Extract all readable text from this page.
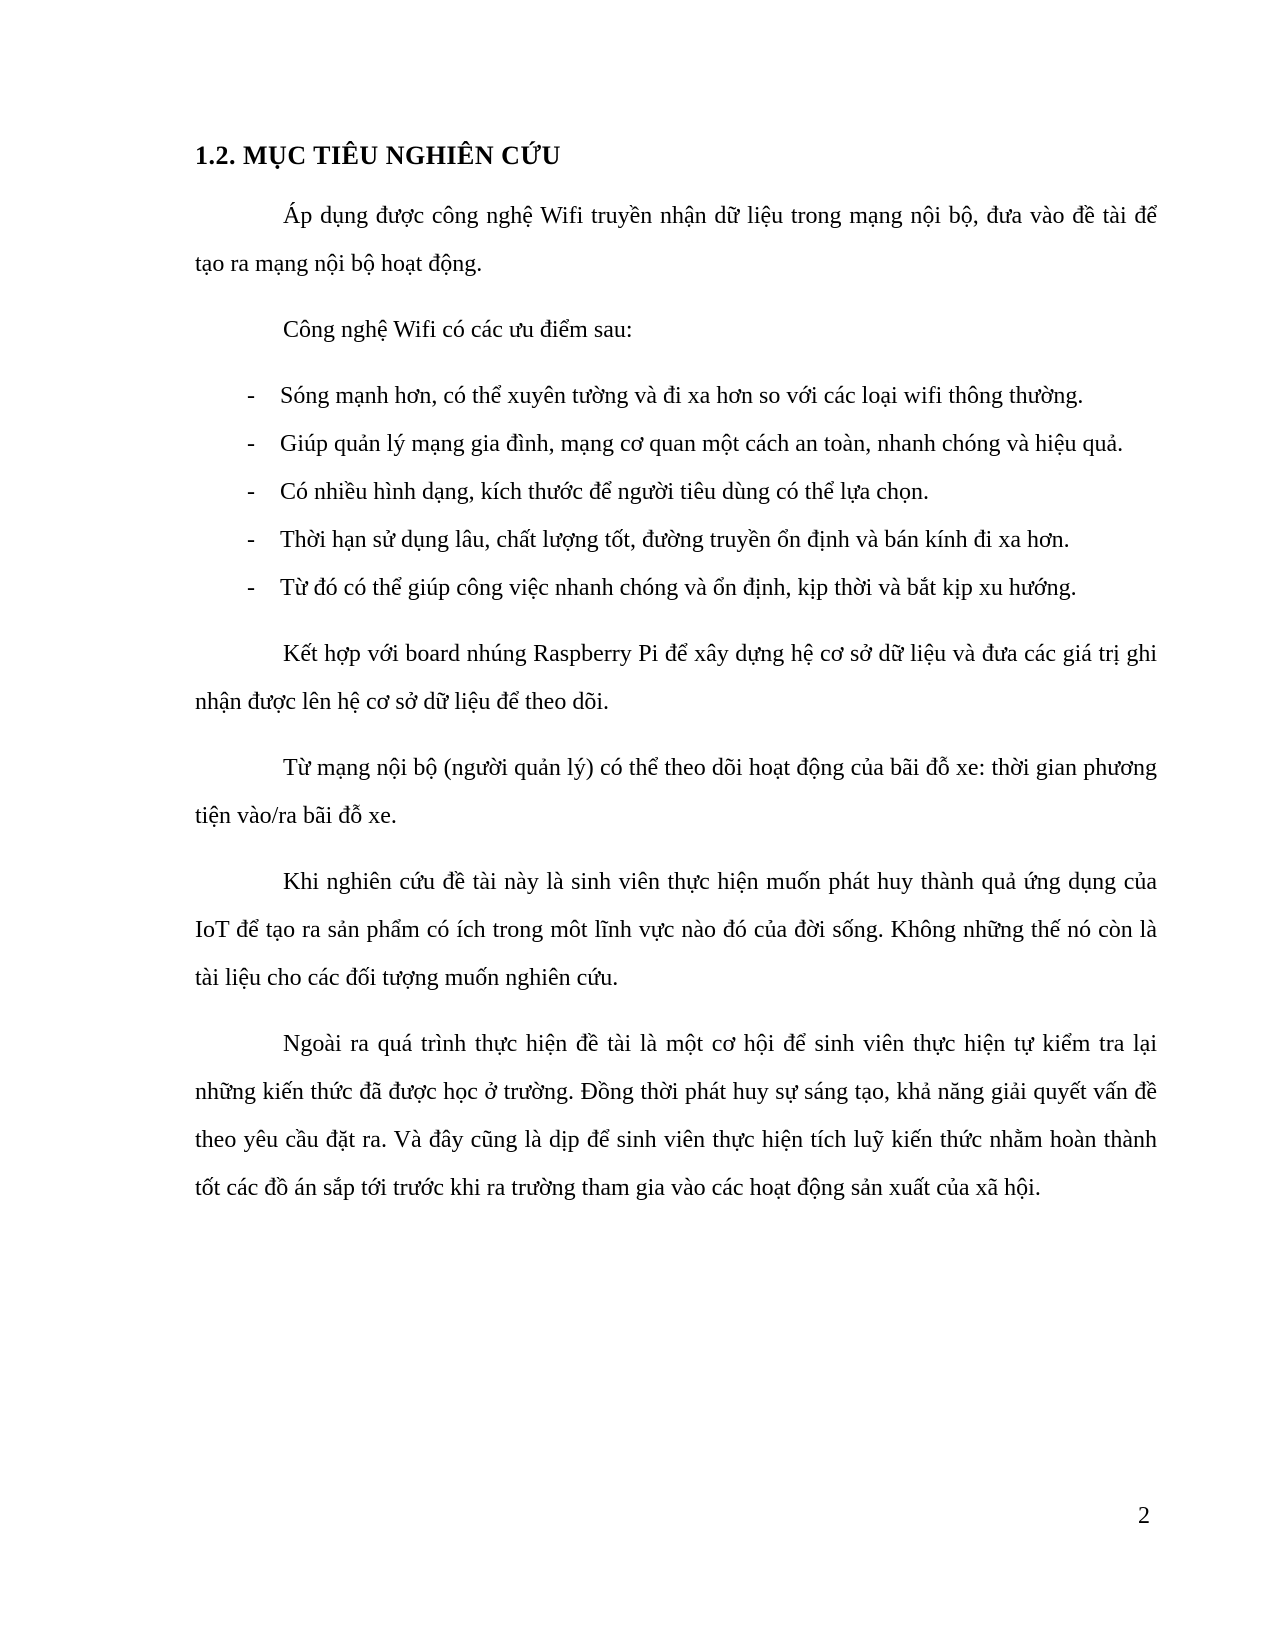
1.2. MỤC TIÊU NGHIÊN CỨU

Áp dụng được công nghệ Wifi truyền nhận dữ liệu trong mạng nội bộ, đưa vào đề tài để tạo ra mạng nội bộ hoạt động.

Công nghệ Wifi có các ưu điểm sau:

-	Sóng mạnh hơn, có thể xuyên tường và đi xa hơn so với các loại wifi thông thường.
-	Giúp quản lý mạng gia đình, mạng cơ quan một cách an toàn, nhanh chóng và hiệu quả.
-	Có nhiều hình dạng, kích thước để người tiêu dùng có thể lựa chọn.
-	Thời hạn sử dụng lâu, chất lượng tốt, đường truyền ổn định và bán kính đi xa hơn.
-	Từ đó có thể giúp công việc nhanh chóng và ổn định, kịp thời và bắt kịp xu hướng.

Kết hợp với board nhúng Raspberry Pi để xây dựng hệ cơ sở dữ liệu và đưa các giá trị ghi nhận được lên hệ cơ sở dữ liệu để theo dõi.

Từ mạng nội bộ (người quản lý) có thể theo dõi hoạt động của bãi đỗ xe: thời gian phương tiện vào/ra bãi đỗ xe.

Khi nghiên cứu đề tài này là sinh viên thực hiện muốn phát huy thành quả ứng dụng của IoT để tạo ra sản phẩm có ích trong môt lĩnh vực nào đó của đời sống. Không những thế nó còn là tài liệu cho các đối tượng muốn nghiên cứu.

Ngoài ra quá trình thực hiện đề tài là một cơ hội để sinh viên thực hiện tự kiểm tra lại những kiến thức đã được học ở trường. Đồng thời phát huy sự sáng tạo, khả năng giải quyết vấn đề theo yêu cầu đặt ra. Và đây cũng là dịp để sinh viên thực hiện tích luỹ kiến thức nhằm hoàn thành tốt các đồ án sắp tới trước khi ra trường tham gia vào các hoạt động sản xuất của xã hội.

2
